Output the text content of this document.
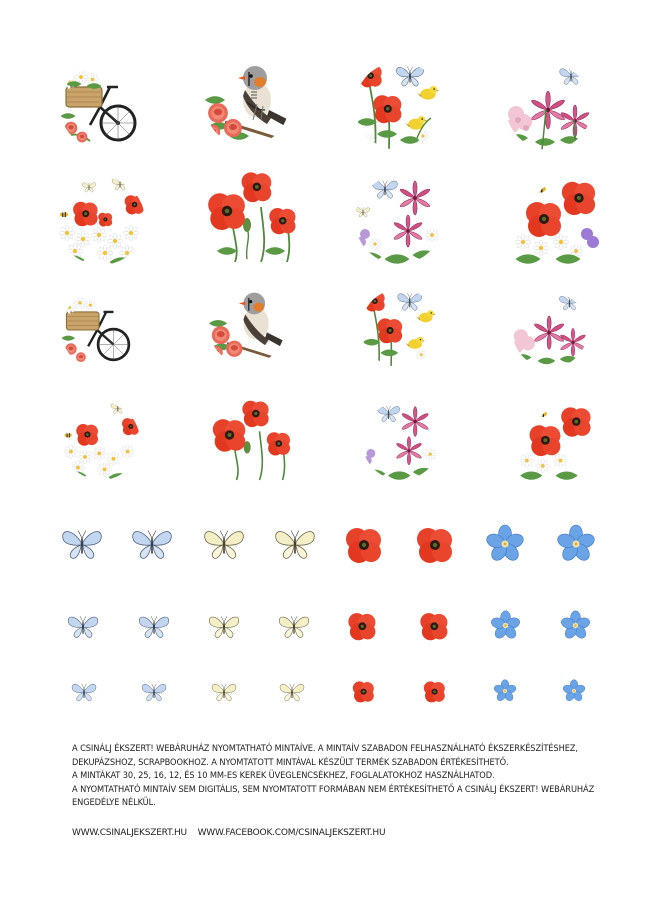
A CSINÁLJ ÉKSZERT! WEBÁRUHÁZ NYOMTATHATÓ MINTAÍVE. A MINTAÍV SZABADON FELHASZNÁLHATÓ ÉKSZERKÉSZÍTÉSHEZ, DEKUPÁZSHOZ, SCRAPBOOKHOZ. A NYOMTATOTT MINTÁVAL KÉSZÜLT TERMÉK SZABADON ÉRTÉKESÍTHETŐ.

A MINTÁKAT 30, 25, 16, 12, ÉS 10 MM-ES KEREK ÜVEGLENCSÉKHEZ, FOGLALATOKHOZ HASZNÁLHATOD.

A NYOMTATHATÓ MINTAÍV SEM DIGITÁLIS, SEM NYOMTATOTT FORMÁBAN NEM ÉRTÉKESÍTHETŐ A CSINÁLJ ÉKSZERT! WEBÁRUHÁZ ENGEDÉLYE NÉLKÜL.

WWW.CSINALJEKSZERT.HU WWW.FACEBOOK.COM/CSINALJEKSZERT.HU
